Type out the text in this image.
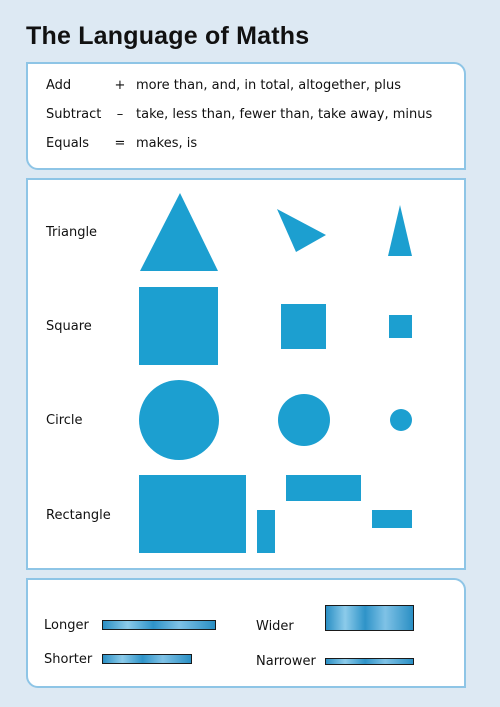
The Language of Maths
Add	+ more than, and, in total, altogether, plus
Subtract	– take, less than, fewer than, take away, minus
Equals	= makes, is
Triangle
Square
Circle
Rectangle
Longer
Shorter
Wider
Narrower
